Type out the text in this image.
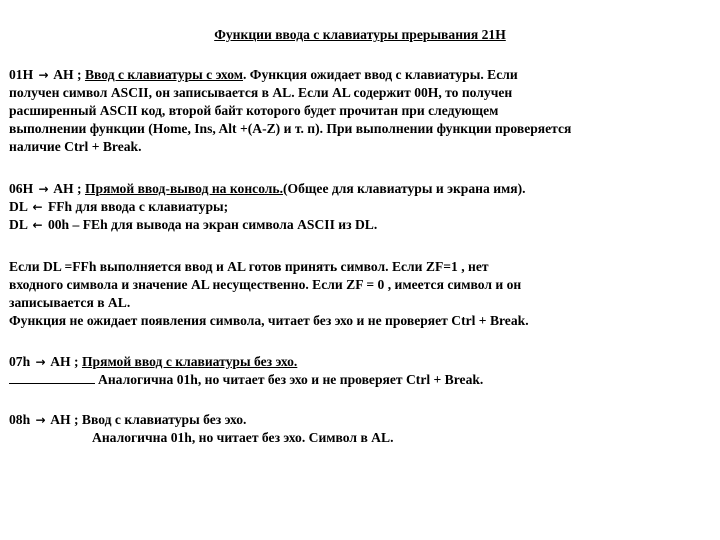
Функции ввода с клавиатуры прерывания 21H
01H → AH ; Ввод с клавиатуры с эхом. Функция ожидает ввод с клавиатуры. Если
получен символ ASCII, он записывается в AL. Если AL содержит 00H, то получен
расширенный ASCII код, второй байт которого будет прочитан при следующем
выполнении функции (Home, Ins, Alt +(A-Z) и т. п). При выполнении функции проверяется
наличие Ctrl + Break.
06H → AH ; Прямой ввод-вывод на консоль.(Общее для клавиатуры и экрана имя).
DL ← FFh для ввода с клавиатуры;
DL ← 00h – FEh для вывода на экран символа ASCII из DL.
Если DL =FFh выполняется ввод и AL готов принять символ. Если ZF=1 , нет
входного символа и значение AL несущественно. Если ZF = 0 , имеется символ и он
записывается в AL.
Функция не ожидает появления символа, читает без эхо и не проверяет Ctrl + Break.
07h → AH ; Прямой ввод с клавиатуры без эхо.
Аналогична 01h, но читает без эхо и не проверяет Ctrl + Break.
08h → AH ; Ввод с клавиатуры без эхо.
Аналогична 01h, но читает без эхо. Символ в AL.
